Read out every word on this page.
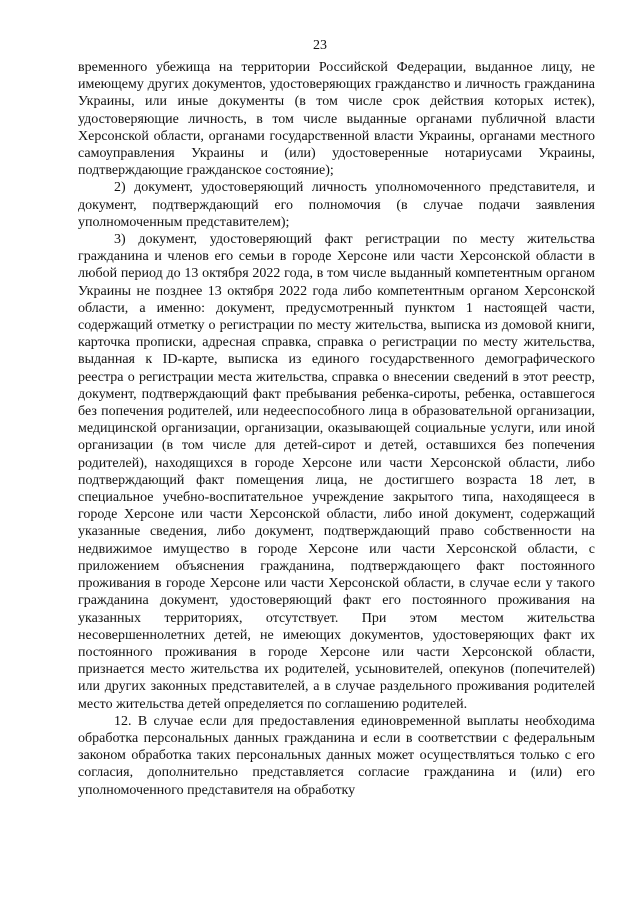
23

временного убежища на территории Российской Федерации, выданное лицу, не имеющему других документов, удостоверяющих гражданство и личность гражданина Украины, или иные документы (в том числе срок действия которых истек), удостоверяющие личность, в том числе выданные органами публичной власти Херсонской области, органами государственной власти Украины, органами местного самоуправления Украины и (или) удостоверенные нотариусами Украины, подтверждающие гражданское состояние);

2) документ, удостоверяющий личность уполномоченного представителя, и документ, подтверждающий его полномочия (в случае подачи заявления уполномоченным представителем);

3) документ, удостоверяющий факт регистрации по месту жительства гражданина и членов его семьи в городе Херсоне или части Херсонской области в любой период до 13 октября 2022 года, в том числе выданный компетентным органом Украины не позднее 13 октября 2022 года либо компетентным органом Херсонской области, а именно: документ, предусмотренный пунктом 1 настоящей части, содержащий отметку о регистрации по месту жительства, выписка из домовой книги, карточка прописки, адресная справка, справка о регистрации по месту жительства, выданная к ID-карте, выписка из единого государственного демографического реестра о регистрации места жительства, справка о внесении сведений в этот реестр, документ, подтверждающий факт пребывания ребенка-сироты, ребенка, оставшегося без попечения родителей, или недееспособного лица в образовательной организации, медицинской организации, организации, оказывающей социальные услуги, или иной организации (в том числе для детей-сирот и детей, оставшихся без попечения родителей), находящихся в городе Херсоне или части Херсонской области, либо подтверждающий факт помещения лица, не достигшего возраста 18 лет, в специальное учебно-воспитательное учреждение закрытого типа, находящееся в городе Херсоне или части Херсонской области, либо иной документ, содержащий указанные сведения, либо документ, подтверждающий право собственности на недвижимое имущество в городе Херсоне или части Херсонской области, с приложением объяснения гражданина, подтверждающего факт постоянного проживания в городе Херсоне или части Херсонской области, в случае если у такого гражданина документ, удостоверяющий факт его постоянного проживания на указанных территориях, отсутствует. При этом местом жительства несовершеннолетних детей, не имеющих документов, удостоверяющих факт их постоянного проживания в городе Херсоне или части Херсонской области, признается место жительства их родителей, усыновителей, опекунов (попечителей) или других законных представителей, а в случае раздельного проживания родителей место жительства детей определяется по соглашению родителей.

12. В случае если для предоставления единовременной выплаты необходима обработка персональных данных гражданина и если в соответствии с федеральным законом обработка таких персональных данных может осуществляться только с его согласия, дополнительно представляется согласие гражданина и (или) его уполномоченного представителя на обработку
